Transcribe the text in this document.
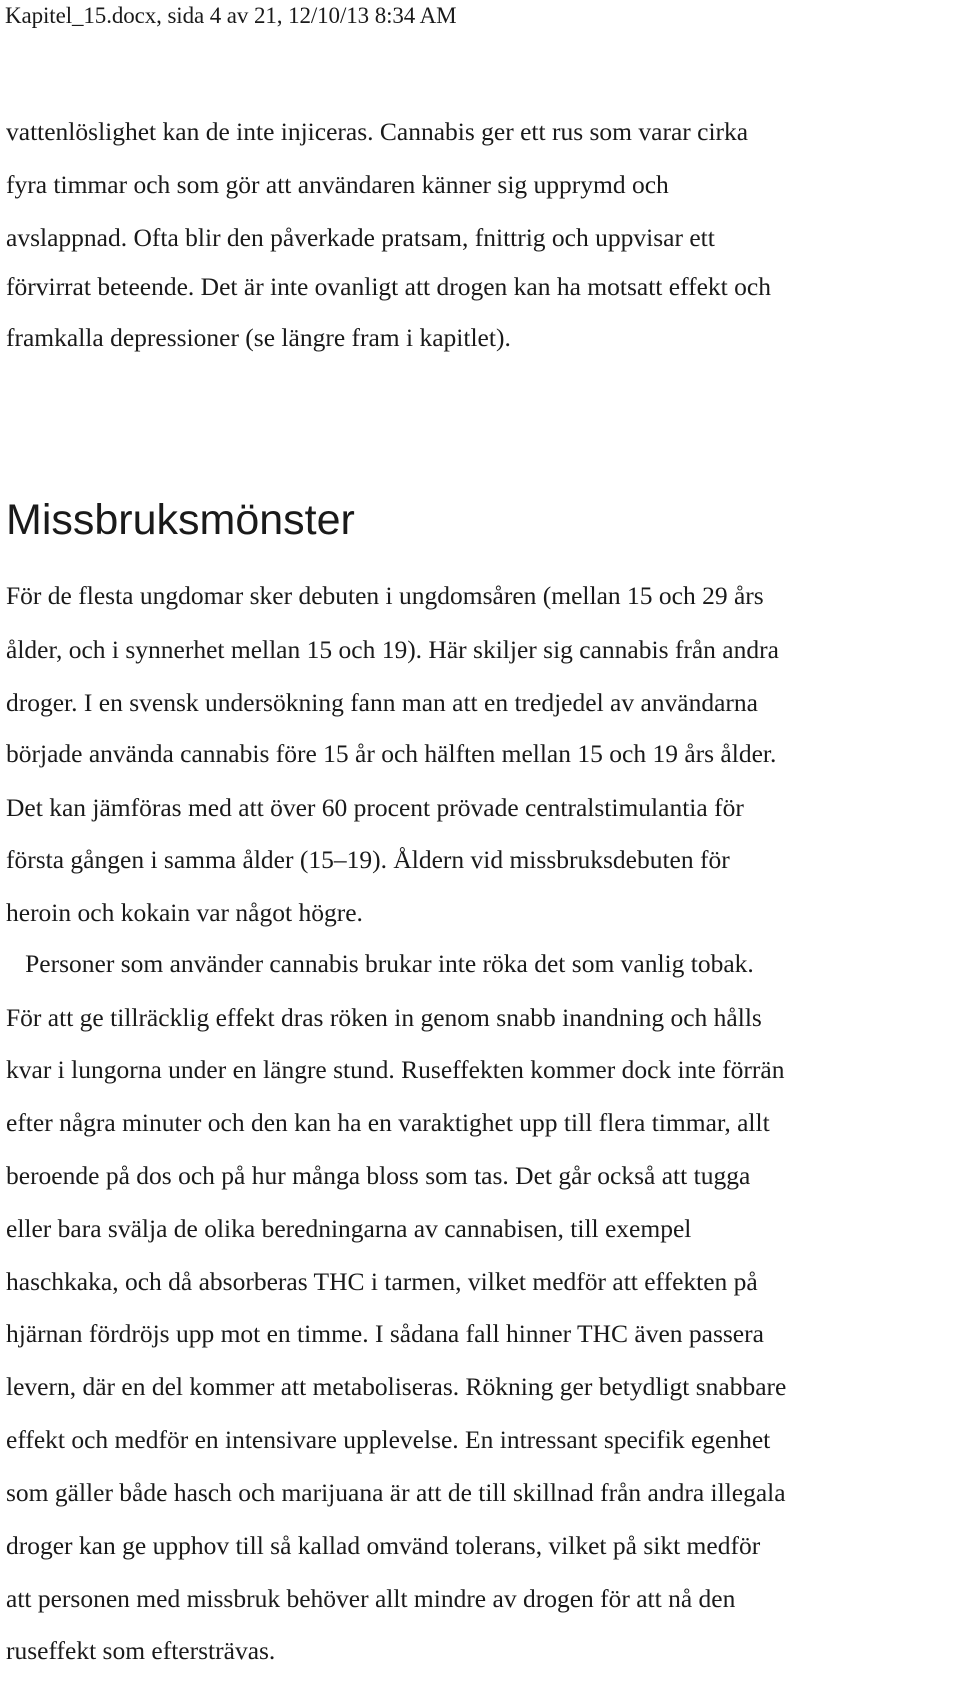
Kapitel_15.docx, sida 4 av 21, 12/10/13 8:34 AM
vattenlöslighet kan de inte injiceras. Cannabis ger ett rus som varar cirka
fyra timmar och som gör att användaren känner sig upprymd och
avslappnad. Ofta blir den påverkade pratsam, fnittrig och uppvisar ett
förvirrat beteende. Det är inte ovanligt att drogen kan ha motsatt effekt och
framkalla depressioner (se längre fram i kapitlet).
Missbruksmönster
För de flesta ungdomar sker debuten i ungdomsåren (mellan 15 och 29 års
ålder, och i synnerhet mellan 15 och 19). Här skiljer sig cannabis från andra
droger. I en svensk undersökning fann man att en tredjedel av användarna
började använda cannabis före 15 år och hälften mellan 15 och 19 års ålder.
Det kan jämföras med att över 60 procent prövade centralstimulantia för
första gången i samma ålder (15–19). Åldern vid missbruksdebuten för
heroin och kokain var något högre.
Personer som använder cannabis brukar inte röka det som vanlig tobak.
För att ge tillräcklig effekt dras röken in genom snabb inandning och hålls
kvar i lungorna under en längre stund. Ruseffekten kommer dock inte förrän
efter några minuter och den kan ha en varaktighet upp till flera timmar, allt
beroende på dos och på hur många bloss som tas. Det går också att tugga
eller bara svälja de olika beredningarna av cannabisen, till exempel
haschkaka, och då absorberas THC i tarmen, vilket medför att effekten på
hjärnan fördröjs upp mot en timme. I sådana fall hinner THC även passera
levern, där en del kommer att metaboliseras. Rökning ger betydligt snabbare
effekt och medför en intensivare upplevelse. En intressant specifik egenhet
som gäller både hasch och marijuana är att de till skillnad från andra illegala
droger kan ge upphov till så kallad omvänd tolerans, vilket på sikt medför
att personen med missbruk behöver allt mindre av drogen för att nå den
ruseffekt som eftersträvas.
